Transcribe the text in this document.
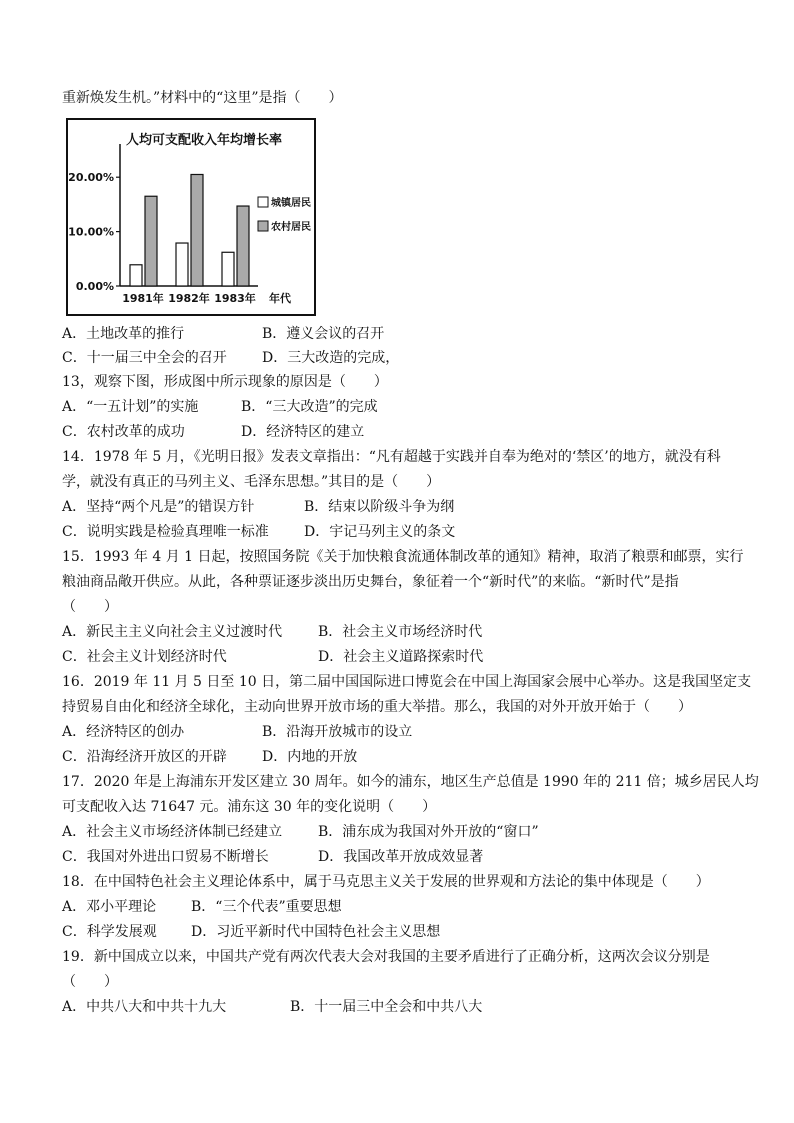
重新焕发生机。”材料中的“这里”是指（　　）
人均可支配收入年均增长率
0.00%
10.00%
20.00%
1981年 1982年 1983年 年代
城镇居民
农村居民
A．土地改革的推行	B．遵义会议的召开
C．十一届三中全会的召开	D．三大改造的完成，
13，观察下图，形成图中所示现象的原因是（　　）
A．“一五计划”的实施	B．“三大改造”的完成
C．农村改革的成功	D．经济特区的建立
14．1978 年 5 月，《光明日报》发表文章指出：“凡有超越于实践并自奉为绝对的‘禁区’的地方，就没有科
学，就没有真正的马列主义、毛泽东思想。”其目的是（　　）
A．坚持“两个凡是”的错误方针	B．结束以阶级斗争为纲
C．说明实践是检验真理唯一标准	D．宇记马列主义的条文
15．1993 年 4 月 1 日起，按照国务院《关于加快粮食流通体制改革的通知》精神，取消了粮票和邮票，实行
粮油商品敞开供应。从此，各种票证逐步淡出历史舞台，象征着一个“新时代”的来临。“新时代”是指
（　　）
A．新民主主义向社会主义过渡时代	B．社会主义市场经济时代
C．社会主义计划经济时代	D．社会主义道路探索时代
16．2019 年 11 月 5 日至 10 日，第二届中国国际进口博览会在中国上海国家会展中心举办。这是我国坚定支
持贸易自由化和经济全球化，主动向世界开放市场的重大举措。那么，我国的对外开放开始于（　　）
A．经济特区的创办	B．沿海开放城市的设立
C．沿海经济开放区的开辟	D．内地的开放
17．2020 年是上海浦东开发区建立 30 周年。如今的浦东，地区生产总值是 1990 年的 211 倍；城乡居民人均
可支配收入达 71647 元。浦东这 30 年的变化说明（　　）
A．社会主义市场经济体制已经建立	B．浦东成为我国对外开放的“窗口”
C．我国对外进出口贸易不断增长	D．我国改革开放成效显著
18．在中国特色社会主义理论体系中，属于马克思主义关于发展的世界观和方法论的集中体现是（　　）
A．邓小平理论 B．“三个代表”重要思想
C．科学发展观 D．习近平新时代中国特色社会主义思想
19．新中国成立以来，中国共产党有两次代表大会对我国的主要矛盾进行了正确分析，这两次会议分别是
（　　）
A．中共八大和中共十九大	B．十一届三中全会和中共八大
